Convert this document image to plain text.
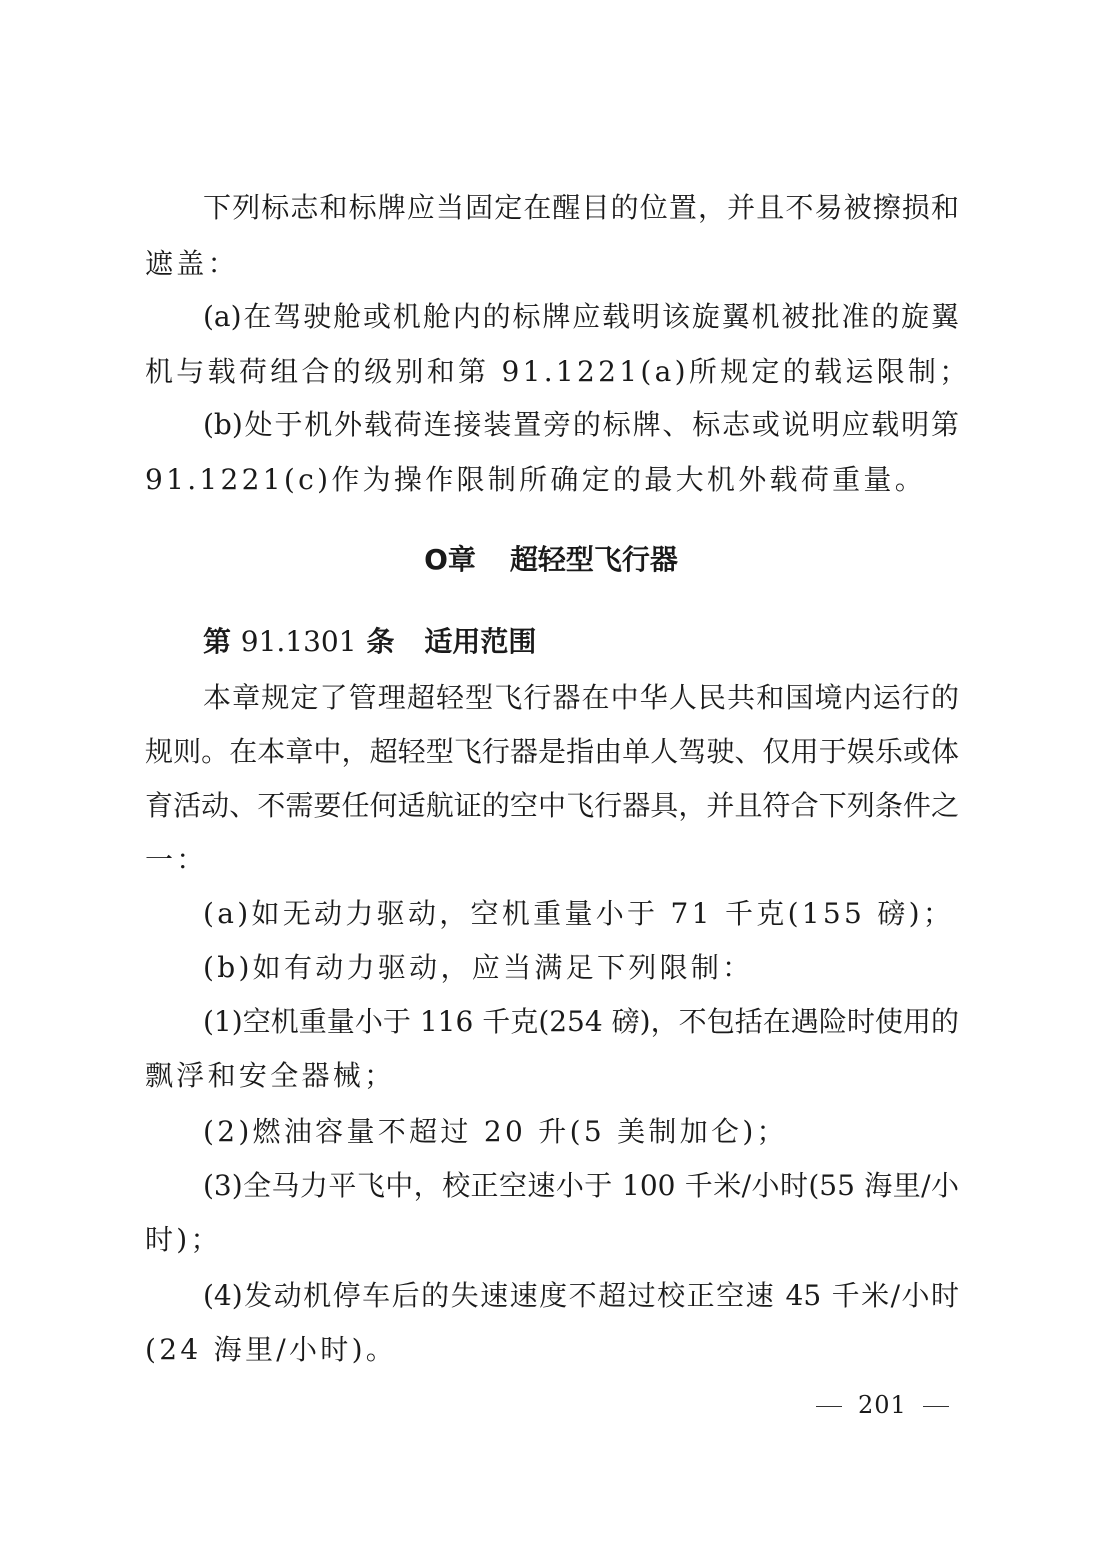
下列标志和标牌应当固定在醒目的位置，并且不易被擦损和
遮盖：
(a)在驾驶舱或机舱内的标牌应载明该旋翼机被批准的旋翼
机与载荷组合的级别和第 91.1221(a)所规定的载运限制；
(b)处于机外载荷连接装置旁的标牌、标志或说明应载明第
91.1221(c)作为操作限制所确定的最大机外载荷重量。
O章 超轻型飞行器
第 91.1301 条 适用范围
本章规定了管理超轻型飞行器在中华人民共和国境内运行的
规则。在本章中，超轻型飞行器是指由单人驾驶、仅用于娱乐或体
育活动、不需要任何适航证的空中飞行器具，并且符合下列条件之
一：
(a)如无动力驱动，空机重量小于 71 千克(155 磅)；
(b)如有动力驱动，应当满足下列限制：
(1)空机重量小于 116 千克(254 磅)，不包括在遇险时使用的
飘浮和安全器械；
(2)燃油容量不超过 20 升(5 美制加仑)；
(3)全马力平飞中，校正空速小于 100 千米/小时(55 海里/小
时)；
(4)发动机停车后的失速速度不超过校正空速 45 千米/小时
(24 海里/小时)。
201
